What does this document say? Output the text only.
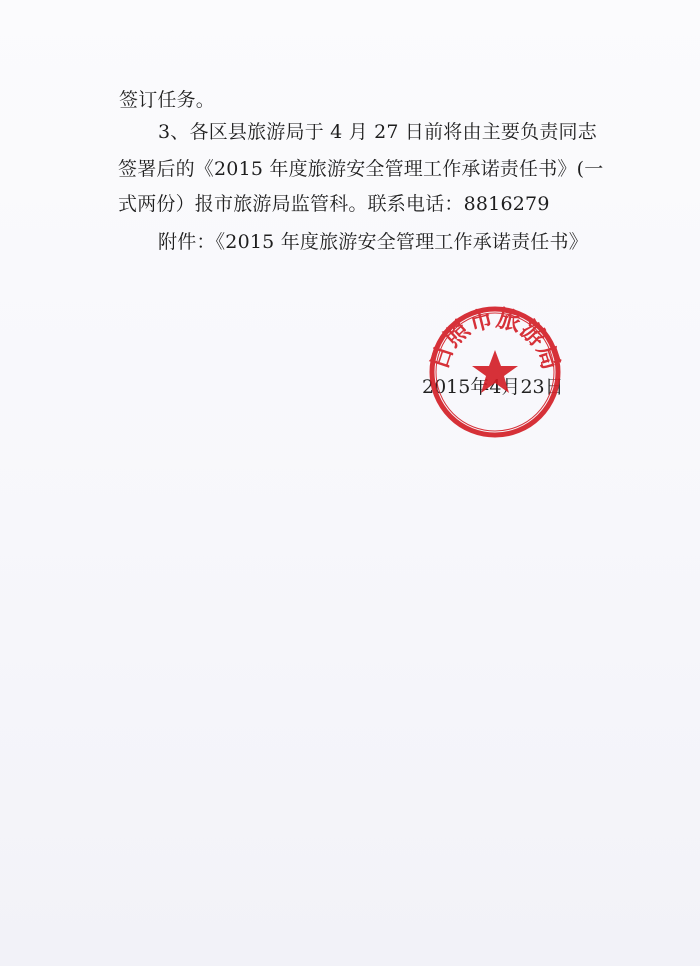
签订任务。
3、各区县旅游局于 4 月 27 日前将由主要负责同志
签署后的《2015 年度旅游安全管理工作承诺责任书》(一
式两份）报市旅游局监管科。联系电话：8816279
附件：《2015 年度旅游安全管理工作承诺责任书》
2015年4月23日
日照市旅游局
